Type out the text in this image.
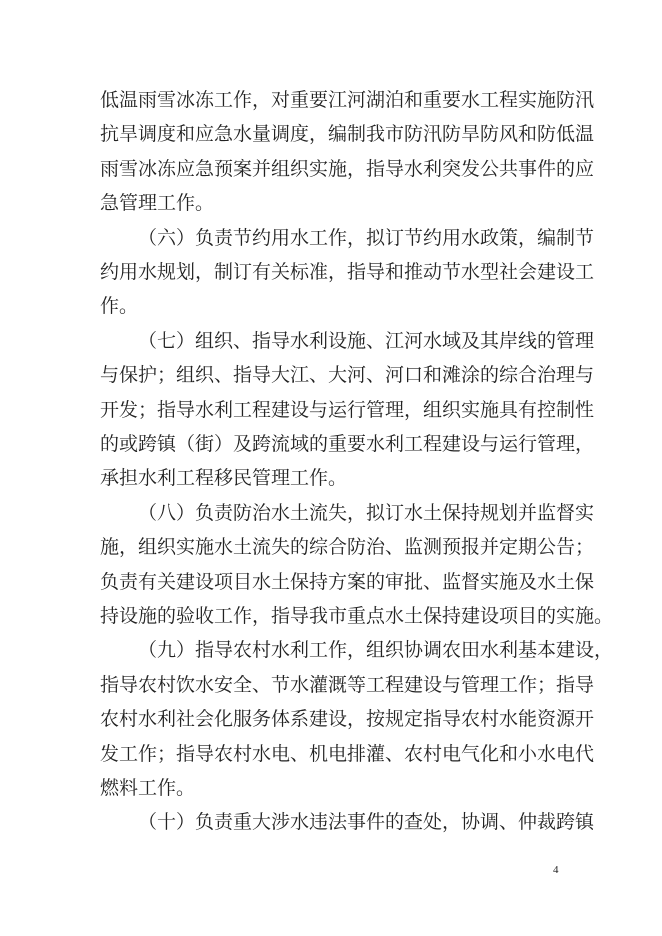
低温雨雪冰冻工作，对重要江河湖泊和重要水工程实施防汛
抗旱调度和应急水量调度，编制我市防汛防旱防风和防低温
雨雪冰冻应急预案并组织实施，指导水利突发公共事件的应
急管理工作。
（六）负责节约用水工作，拟订节约用水政策，编制节
约用水规划，制订有关标准，指导和推动节水型社会建设工
作。
（七）组织、指导水利设施、江河水域及其岸线的管理
与保护；组织、指导大江、大河、河口和滩涂的综合治理与
开发；指导水利工程建设与运行管理，组织实施具有控制性
的或跨镇（街）及跨流域的重要水利工程建设与运行管理，
承担水利工程移民管理工作。
（八）负责防治水土流失，拟订水土保持规划并监督实
施，组织实施水土流失的综合防治、监测预报并定期公告；
负责有关建设项目水土保持方案的审批、监督实施及水土保
持设施的验收工作，指导我市重点水土保持建设项目的实施。
（九）指导农村水利工作，组织协调农田水利基本建设，
指导农村饮水安全、节水灌溉等工程建设与管理工作；指导
农村水利社会化服务体系建设，按规定指导农村水能资源开
发工作；指导农村水电、机电排灌、农村电气化和小水电代
燃料工作。
（十）负责重大涉水违法事件的查处，协调、仲裁跨镇
4
